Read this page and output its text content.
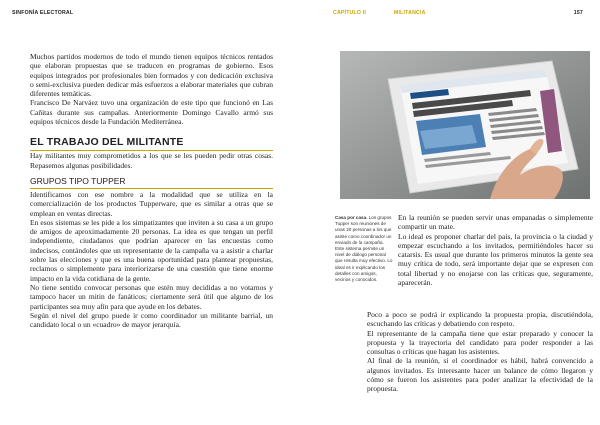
SINFONÍA ELECTORAL	CAPÍTULO II	MILITANCIA	157

Muchos partidos modernos de todo el mundo tienen equipos técnicos rentados que elaboran propuestas que se traducen en programas de gobierno. Esos equipos integrados por profesionales bien formados y con dedicación exclusiva o semi-exclusiva pueden dedicar más esfuerzos a elaborar materiales que cubran diferentes temáticas.

Francisco De Narváez tuvo una organización de este tipo que funcionó en Las Cañitas durante sus campañas. Anteriormente Domingo Cavallo armó sus equipos técnicos desde la Fundación Mediterránea.

EL TRABAJO DEL MILITANTE

Hay militantes muy comprometidos a los que se les pueden pedir otras cosas. Repasemos algunas posibilidades.

GRUPOS TIPO TUPPER

Identificamos con ese nombre a la modalidad que se utiliza en la comercialización de los productos Tupperware, que es similar a otras que se emplean en ventas directas.

En esos sistemas se les pide a los simpatizantes que inviten a su casa a un grupo de amigos de aproximadamente 20 personas. La idea es que tengan un perfil independiente, ciudadanos que podrían aparecer en las encuestas como indecisos, contándoles que un representante de la campaña va a asistir a charlar sobre las elecciones y que es una buena oportunidad para plantear propuestas, reclamos o simplemente para interiorizarse de una cuestión que tiene enorme impacto en la vida cotidiana de la gente.

No tiene sentido convocar personas que estén muy decididas a no votarnos y tampoco hacer un mitin de fanáticos; ciertamente será útil que alguno de los participantes sea muy afín para que ayude en los debates.

Según el nivel del grupo puede ir como coordinador un militante barrial, un candidato local o un «cuadro» de mayor jerarquía.

Casa por casa. Los grupos Tupper son reuniones de unas 20 personas a los que asiste como coordinador un enviado de la campaña. Este sistema permite un nivel de diálogo personal que resulta muy efectivo. Lo ideal es ir explicando los detalles con amigos, vecinos y conocidos.

En la reunión se pueden servir unas empanadas o simplemente compartir un mate.

Lo ideal es proponer charlar del país, la provincia o la ciudad y empezar escuchando a los invitados, permitiéndoles hacer su catarsis. Es usual que durante los primeros minutos la gente sea muy crítica de todo, será importante dejar que se expresen con total libertad y no enojarse con las críticas que, seguramente, aparecerán.

Poco a poco se podrá ir explicando la propuesta propia, discutiéndola, escuchando las críticas y debatiendo con respeto.

El representante de la campaña tiene que estar preparado y conocer la propuesta y la trayectoria del candidato para poder responder a las consultas o críticas que hagan los asistentes.

Al final de la reunión, si el coordinador es hábil, habrá convencido a algunos invitados. Es interesante hacer un balance de cómo llegaron y cómo se fueron los asistentes para poder analizar la efectividad de la propuesta.
